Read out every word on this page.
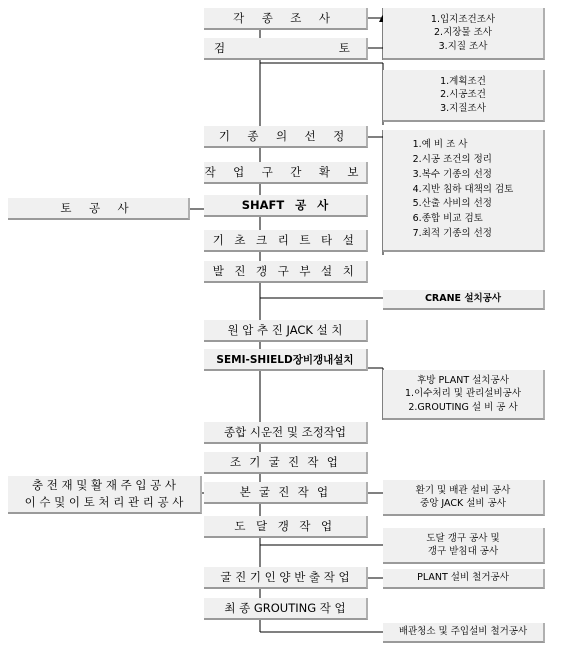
토 공 사
충 전 재 및 활 재 주 입 공 사
이 수 및 이 토 처 리 관 리 공 사
각 종 조 사
검 토
기 종 의 선 정
작 업 구 간 확 보
SHAFT 공 사
기 초 크 리 트 타 설
발 진 갱 구 부 설 치
원 압 추 진 JACK 설 치
SEMI-SHIELD장비갱내설치
종합 시운전 및 조정작업
조 기 굴 진 작 업
본 굴 진 작 업
도 달 갱 작 업
굴 진 기 인 양 반 출 작 업
최 종 GROUTING 작 업
1.입지조건조사
2.지장물 조사
3.지질 조사
1.계획조건
2.시공조건
3.지질조사
1.예 비 조 사
2.시공 조건의 정리
3.복수 기종의 선정
4.지반 침하 대책의 검토
5.산출 사비의 선정
6.종합 비교 검토
7.최적 기종의 선정
CRANE 설치공사
후방 PLANT 설치공사
1.이수처리 및 관리설비공사
2.GROUTING 설 비 공 사
환기 및 배관 설비 공사
중앙 JACK 설비 공사
도달 갱구 공사 및
갱구 받침대 공사
PLANT 설비 철거공사
배관청소 및 주입설비 철거공사
